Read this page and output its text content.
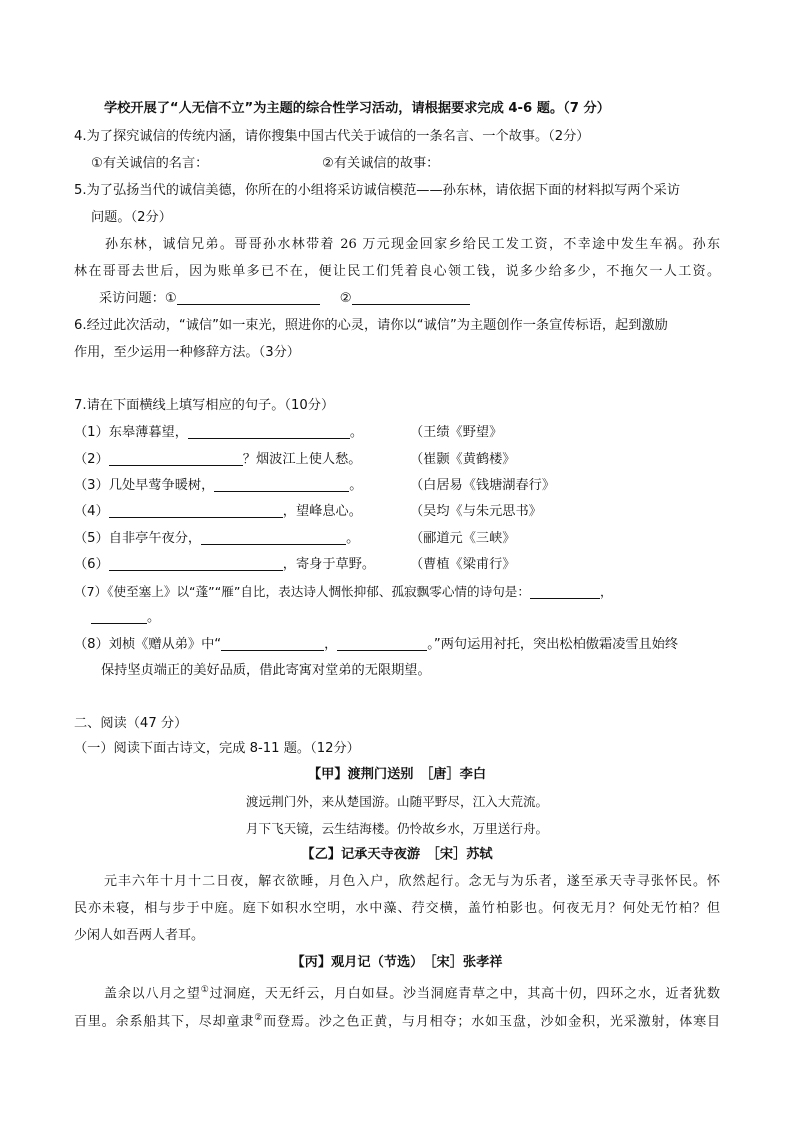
学校开展了“人无信不立”为主题的综合性学习活动，请根据要求完成 4-6 题。（7 分）
4.为了探究诚信的传统内涵，请你搜集中国古代关于诚信的一条名言、一个故事。（2分）
①有关诚信的名言：	②有关诚信的故事：
5.为了弘扬当代的诚信美德，你所在的小组将采访诚信模范——孙东林，请依据下面的材料拟写两个采访
问题。（2分）
孙东林，诚信兄弟。哥哥孙水林带着 26 万元现金回家乡给民工发工资，不幸途中发生车祸。孙东
林在哥哥去世后，因为账单多已不在，便让民工们凭着良心领工钱，说多少给多少，不拖欠一人工资。
采访问题：①	②
6.经过此次活动，“诚信”如一束光，照进你的心灵，请你以“诚信”为主题创作一条宣传标语，起到激励
作用，至少运用一种修辞方法。（3分）
7.请在下面横线上填写相应的句子。（10分）
（1）东皋薄暮望，	。	（王绩《野望》
（2）	？烟波江上使人愁。	（崔颢《黄鹤楼》
（3）几处早莺争暖树，	。	（白居易《钱塘湖春行》
（4）	，望峰息心。	（吴均《与朱元思书》
（5）自非亭午夜分，	。	（郦道元《三峡》
（6）	，寄身于草野。	（曹植《梁甫行》
（7）《使至塞上》以“蓬”“雁”自比，表达诗人惆怅抑郁、孤寂飘零心情的诗句是：	，
。
（8）刘桢《赠从弟》中“	，	。”两句运用衬托，突出松柏傲霜凌雪且始终
保持坚贞端正的美好品质，借此寄寓对堂弟的无限期望。
二、阅读（47 分）
（一）阅读下面古诗文，完成 8-11 题。（12分）
【甲】渡荆门送别　［唐］李白
渡远荆门外，来从楚国游。山随平野尽，江入大荒流。
月下飞天镜，云生结海楼。仍怜故乡水，万里送行舟。
【乙】记承天寺夜游　［宋］苏轼
元丰六年十月十二日夜，解衣欲睡，月色入户，欣然起行。念无与为乐者，遂至承天寺寻张怀民。怀
民亦未寝，相与步于中庭。庭下如积水空明，水中藻、荇交横，盖竹柏影也。何夜无月？何处无竹柏？但
少闲人如吾两人者耳。
【丙】观月记（节选）　［宋］张孝祥
盖余以八月之望①过洞庭，天无纤云，月白如昼。沙当洞庭青草之中，其高十仞，四环之水，近者犹数
百里。余系船其下，尽却童隶②而登焉。沙之色正黄，与月相夺；水如玉盘，沙如金积，光采激射，体寒目
